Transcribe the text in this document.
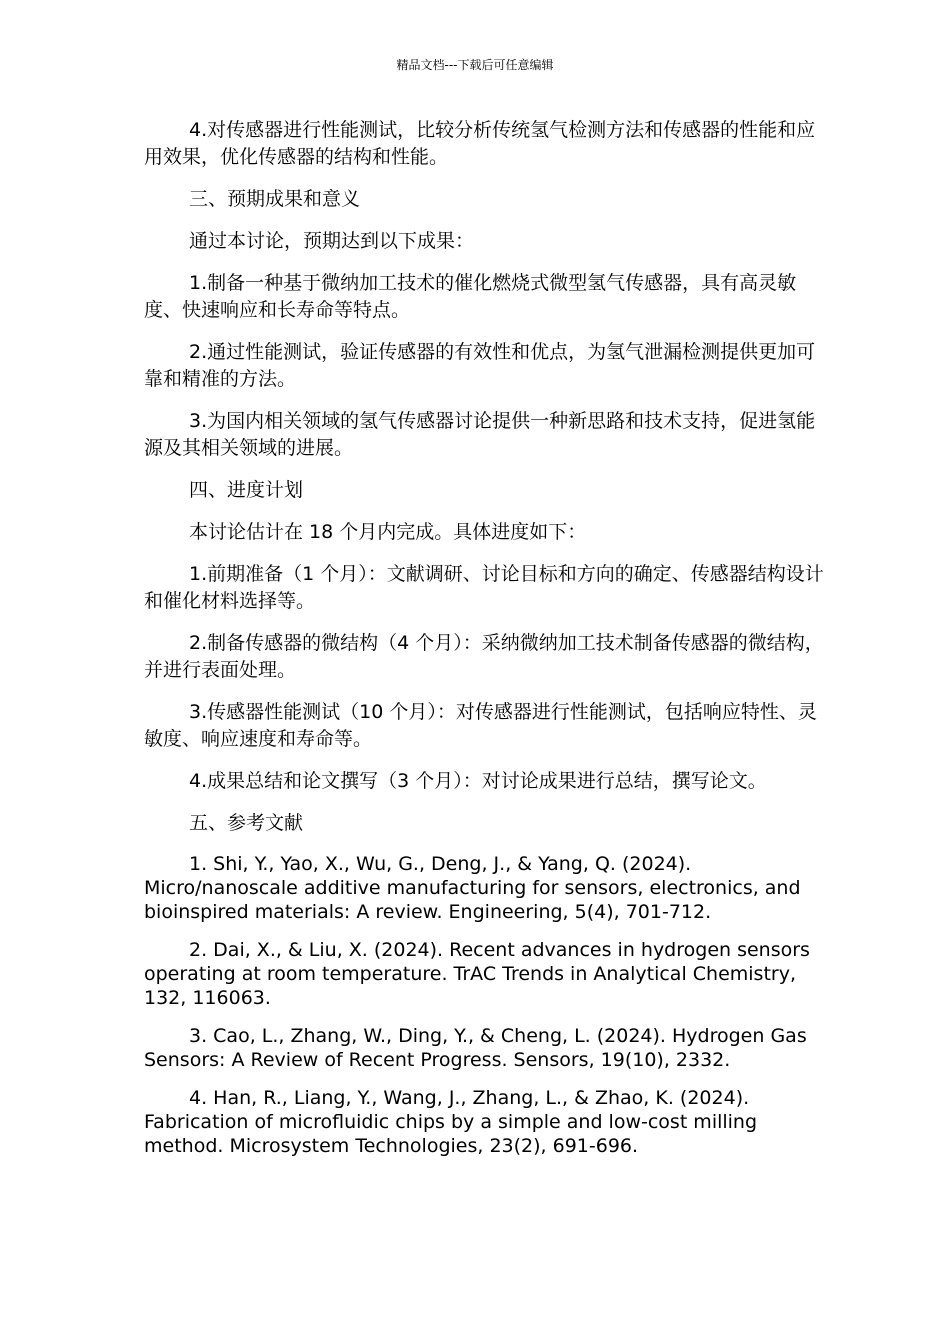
精品文档---下载后可任意编辑

4.对传感器进行性能测试，比较分析传统氢气检测方法和传感器的性能和应用效果，优化传感器的结构和性能。

三、预期成果和意义

通过本讨论，预期达到以下成果：

1.制备一种基于微纳加工技术的催化燃烧式微型氢气传感器，具有高灵敏度、快速响应和长寿命等特点。

2.通过性能测试，验证传感器的有效性和优点，为氢气泄漏检测提供更加可靠和精准的方法。

3.为国内相关领域的氢气传感器讨论提供一种新思路和技术支持，促进氢能源及其相关领域的进展。

四、进度计划

本讨论估计在 18 个月内完成。具体进度如下：

1.前期准备（1 个月）：文献调研、讨论目标和方向的确定、传感器结构设计和催化材料选择等。

2.制备传感器的微结构（4 个月）：采纳微纳加工技术制备传感器的微结构，并进行表面处理。

3.传感器性能测试（10 个月）：对传感器进行性能测试，包括响应特性、灵敏度、响应速度和寿命等。

4.成果总结和论文撰写（3 个月）：对讨论成果进行总结，撰写论文。

五、参考文献

1. Shi, Y., Yao, X., Wu, G., Deng, J., & Yang, Q. (2024). Micro/nanoscale additive manufacturing for sensors, electronics, and bioinspired materials: A review. Engineering, 5(4), 701-712.

2. Dai, X., & Liu, X. (2024). Recent advances in hydrogen sensors operating at room temperature. TrAC Trends in Analytical Chemistry, 132, 116063.

3. Cao, L., Zhang, W., Ding, Y., & Cheng, L. (2024). Hydrogen Gas Sensors: A Review of Recent Progress. Sensors, 19(10), 2332.

4. Han, R., Liang, Y., Wang, J., Zhang, L., & Zhao, K. (2024). Fabrication of microfluidic chips by a simple and low-cost milling method. Microsystem Technologies, 23(2), 691-696.
